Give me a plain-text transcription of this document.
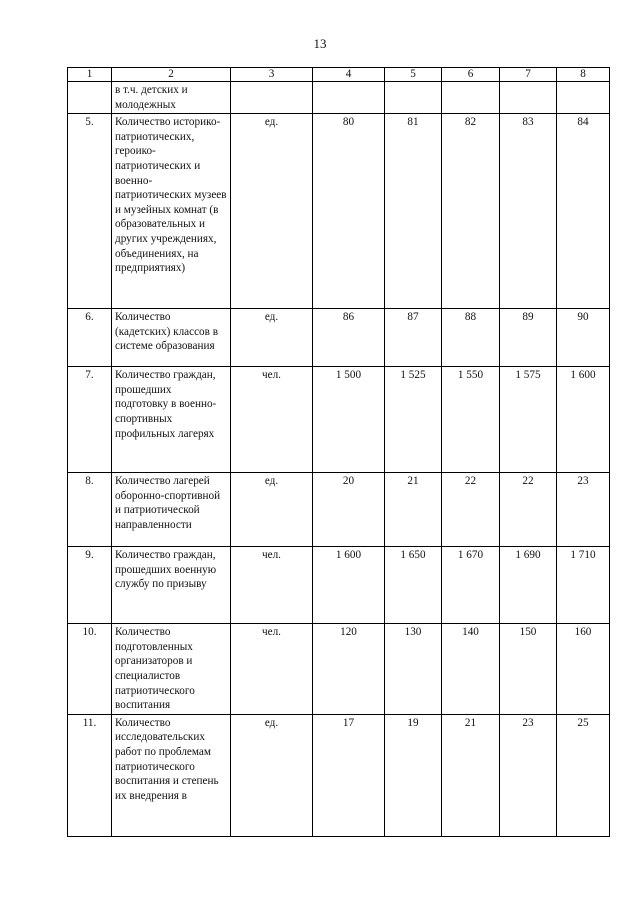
13
1	2	3	4	5	6	7	8
	в т.ч. детских и молодежных						
5.	Количество историко-патриотических, героико-патриотических и военно-патриотических музеев и музейных комнат (в образовательных и других учреждениях, объединениях, на предприятиях)	ед.	80	81	82	83	84
6.	Количество (кадетских) классов в системе образования	ед.	86	87	88	89	90
7.	Количество граждан, прошедших подготовку в военно-спортивных профильных лагерях	чел.	1 500	1 525	1 550	1 575	1 600
8.	Количество лагерей оборонно-спортивной и патриотической направленности	ед.	20	21	22	22	23
9.	Количество граждан, прошедших военную службу по призыву	чел.	1 600	1 650	1 670	1 690	1 710
10.	Количество подготовленных организаторов и специалистов патриотического воспитания	чел.	120	130	140	150	160
11.	Количество исследовательских работ по проблемам патриотического воспитания и степень их внедрения в	ед.	17	19	21	23	25
